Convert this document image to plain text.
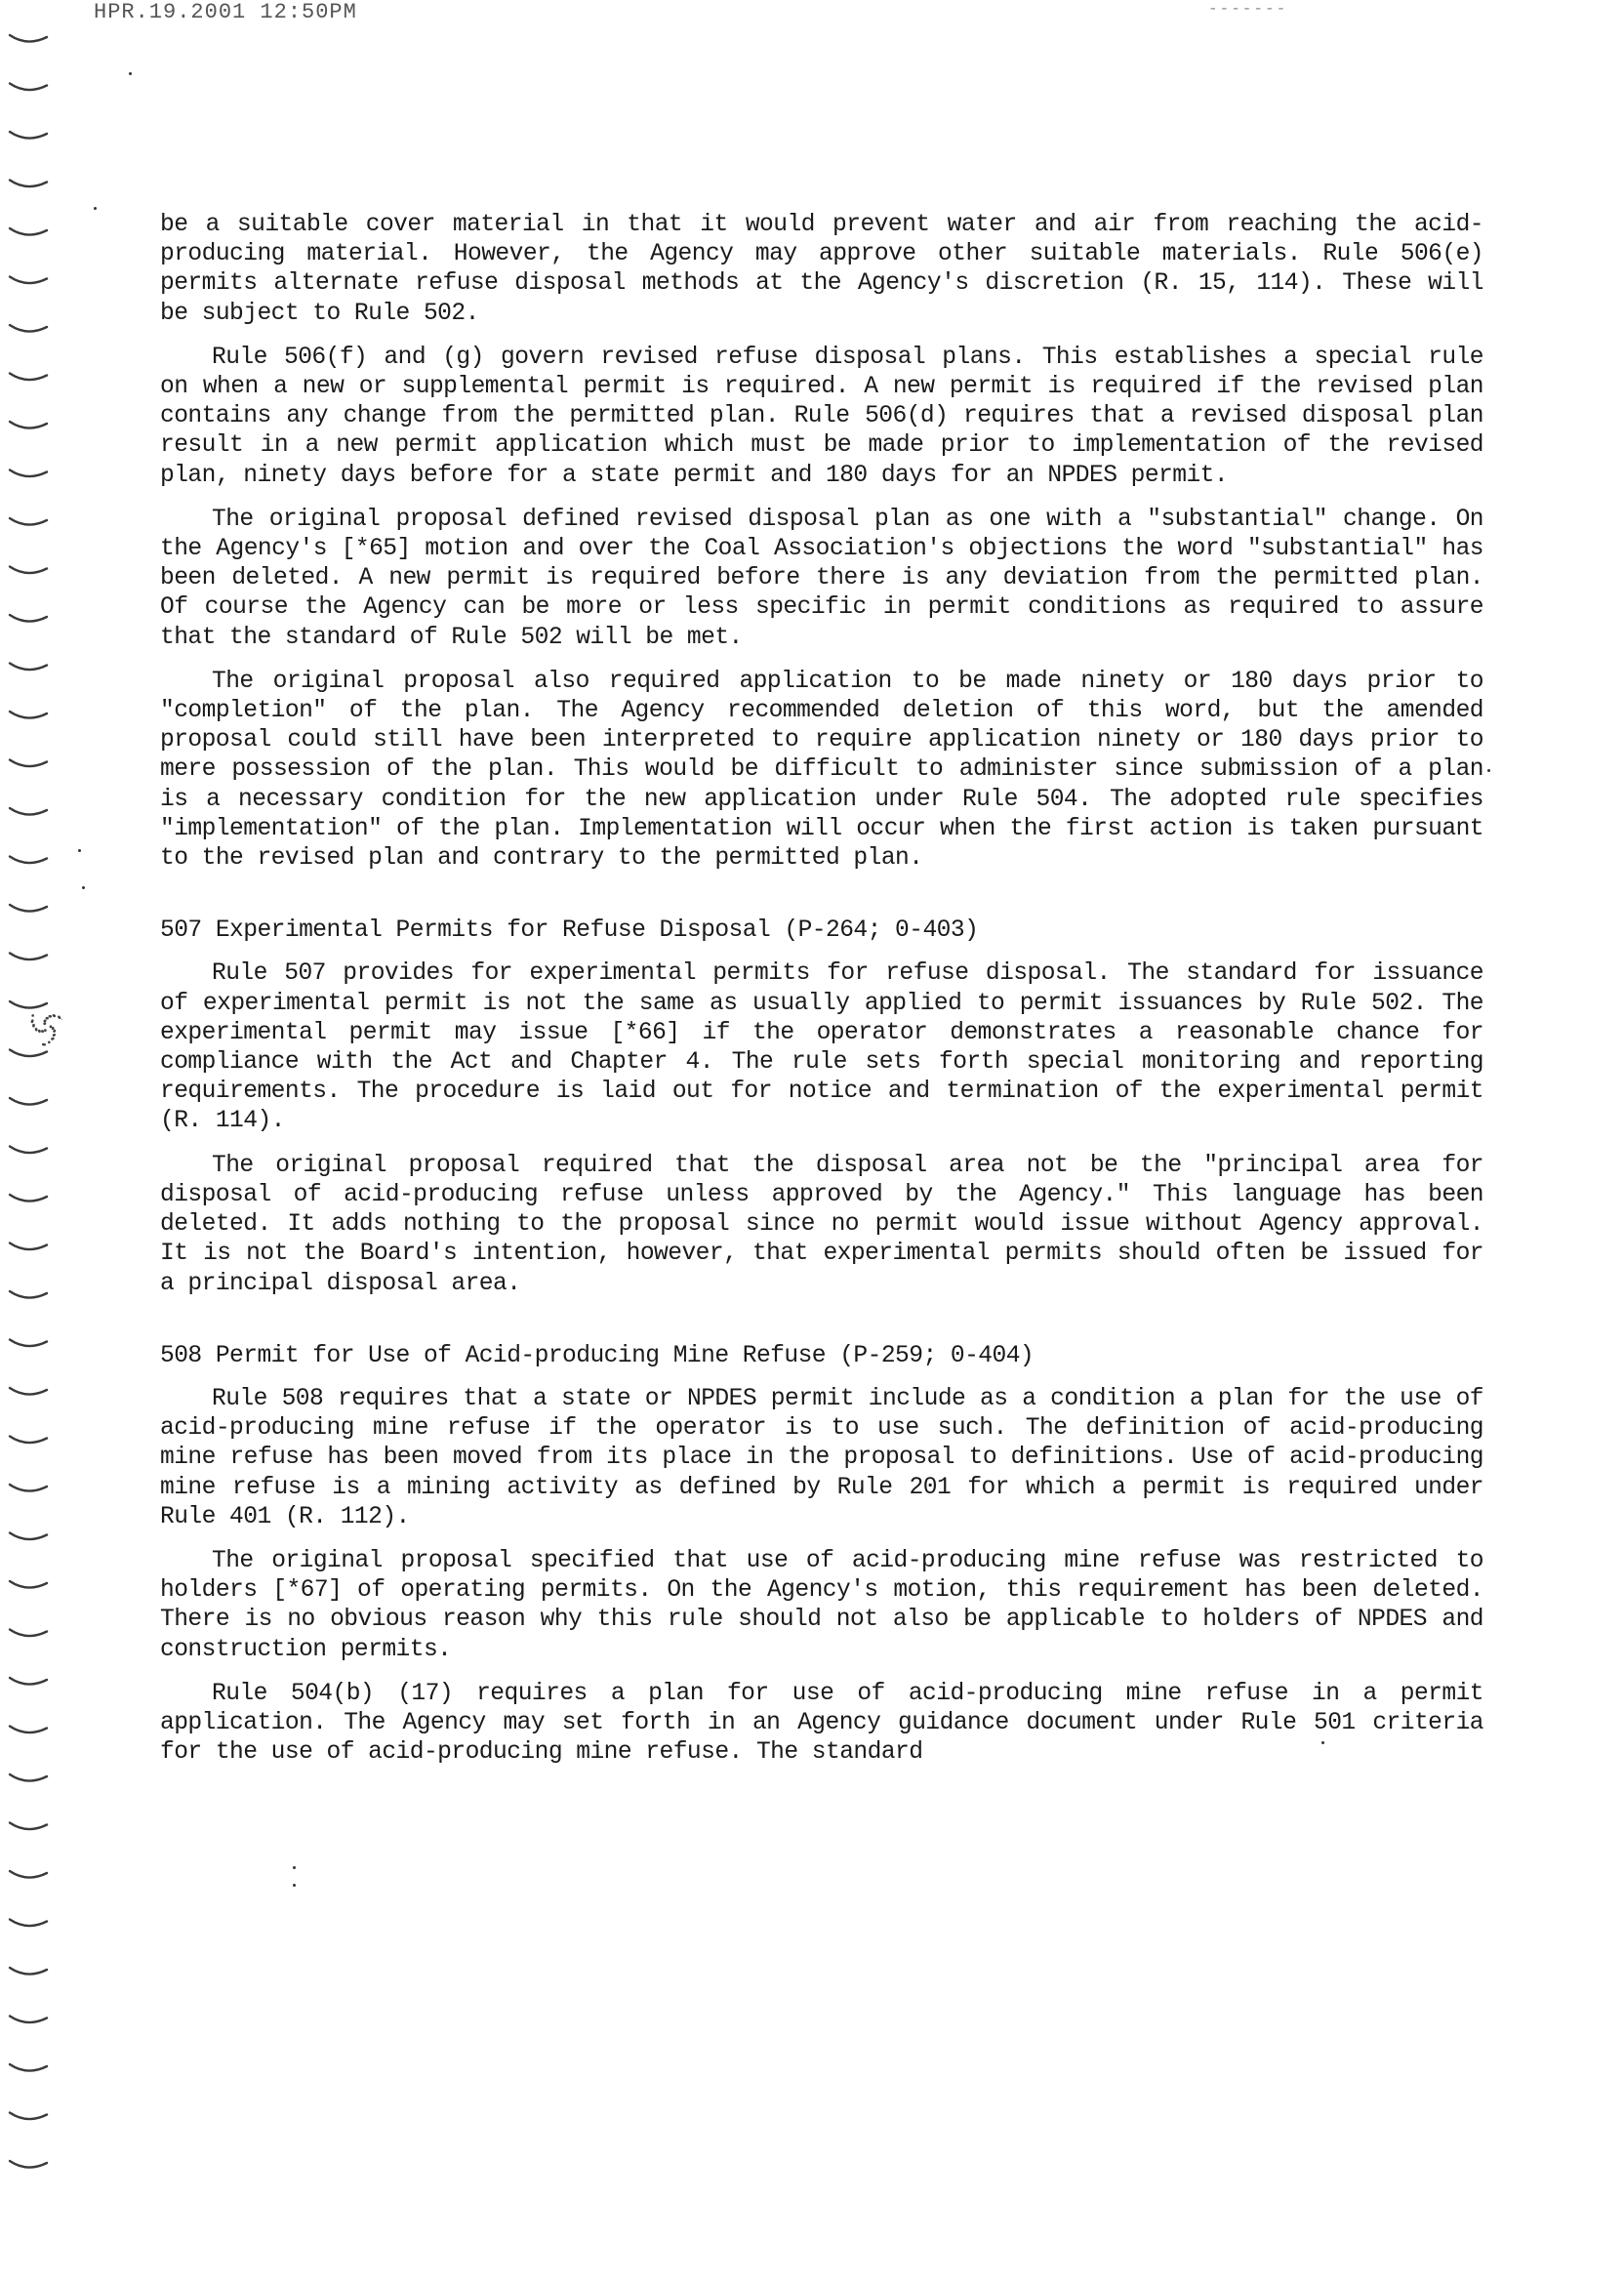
HPR.19.2001 12:50PM	-------

be a suitable cover material in that it would prevent water and air from reaching the acid-producing material. However, the Agency may approve other suitable materials. Rule 506(e) permits alternate refuse disposal methods at the Agency's discretion (R. 15, 114). These will be subject to Rule 502.

Rule 506(f) and (g) govern revised refuse disposal plans. This establishes a special rule on when a new or supplemental permit is required. A new permit is required if the revised plan contains any change from the permitted plan. Rule 506(d) requires that a revised disposal plan result in a new permit application which must be made prior to implementation of the revised plan, ninety days before for a state permit and 180 days for an NPDES permit.

The original proposal defined revised disposal plan as one with a "substantial" change. On the Agency's [*65] motion and over the Coal Association's objections the word "substantial" has been deleted. A new permit is required before there is any deviation from the permitted plan. Of course the Agency can be more or less specific in permit conditions as required to assure that the standard of Rule 502 will be met.

The original proposal also required application to be made ninety or 180 days prior to "completion" of the plan. The Agency recommended deletion of this word, but the amended proposal could still have been interpreted to require application ninety or 180 days prior to mere possession of the plan. This would be difficult to administer since submission of a plan is a necessary condition for the new application under Rule 504. The adopted rule specifies "implementation" of the plan. Implementation will occur when the first action is taken pursuant to the revised plan and contrary to the permitted plan.

507 Experimental Permits for Refuse Disposal (P-264; 0-403)

Rule 507 provides for experimental permits for refuse disposal. The standard for issuance of experimental permit is not the same as usually applied to permit issuances by Rule 502. The experimental permit may issue [*66] if the operator demonstrates a reasonable chance for compliance with the Act and Chapter 4. The rule sets forth special monitoring and reporting requirements. The procedure is laid out for notice and termination of the experimental permit (R. 114).

The original proposal required that the disposal area not be the "principal area for disposal of acid-producing refuse unless approved by the Agency." This language has been deleted. It adds nothing to the proposal since no permit would issue without Agency approval. It is not the Board's intention, however, that experimental permits should often be issued for a principal disposal area.

508 Permit for Use of Acid-producing Mine Refuse (P-259; 0-404)

Rule 508 requires that a state or NPDES permit include as a condition a plan for the use of acid-producing mine refuse if the operator is to use such. The definition of acid-producing mine refuse has been moved from its place in the proposal to definitions. Use of acid-producing mine refuse is a mining activity as defined by Rule 201 for which a permit is required under Rule 401 (R. 112).

The original proposal specified that use of acid-producing mine refuse was restricted to holders [*67] of operating permits. On the Agency's motion, this requirement has been deleted. There is no obvious reason why this rule should not also be applicable to holders of NPDES and construction permits.

Rule 504(b) (17) requires a plan for use of acid-producing mine refuse in a permit application. The Agency may set forth in an Agency guidance document under Rule 501 criteria for the use of acid-producing mine refuse. The standard
